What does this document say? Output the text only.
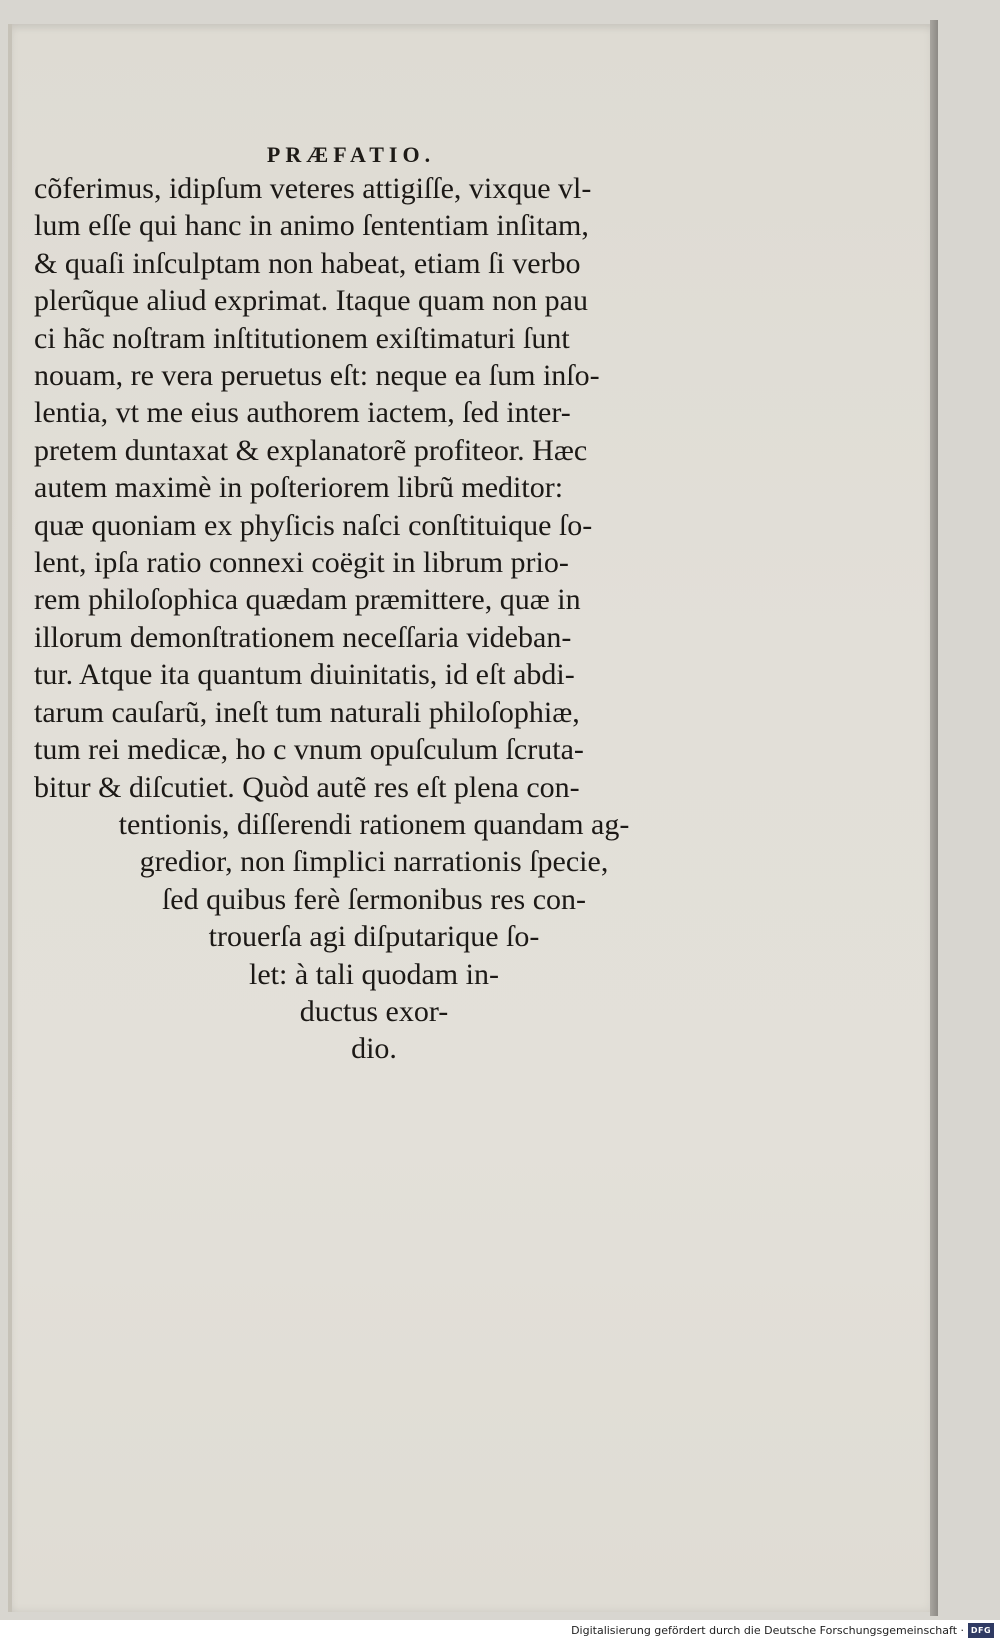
PRÆFATIO.
cõferimus, idipſum veteres attigiſſe, vixque vl-
lum eſſe qui hanc in animo ſententiam inſitam,
& quaſi inſculptam non habeat, etiam ſi verbo
plerũque aliud exprimat. Itaque quam non pau
ci hãc noſtram inſtitutionem exiſtimaturi ſunt
nouam, re vera peruetus eſt: neque ea ſum inſo-
lentia, vt me eius authorem iactem, ſed inter-
pretem duntaxat & explanatorẽ profiteor. Hæc
autem maximè in poſteriorem librũ meditor:
quæ quoniam ex phyſicis naſci conſtituique ſo-
lent, ipſa ratio connexi coëgit in librum prio-
rem philoſophica quædam præmittere, quæ in
illorum demonſtrationem neceſſaria videban-
tur. Atque ita quantum diuinitatis, id eſt abdi-
tarum cauſarũ, ineſt tum naturali philoſophiæ,
tum rei medicæ, ho c vnum opuſculum ſcruta-
bitur & diſcutiet. Quòd autẽ res eſt plena con-
tentionis, diſſerendi rationem quandam ag-
gredior, non ſimplici narrationis ſpecie,
ſed quibus ferè ſermonibus res con-
trouerſa agi diſputarique ſo-
let: à tali quodam in-
ductus exor-
dio.
Digitalisierung gefördert durch die Deutsche Forschungsgemeinschaft · DFG
